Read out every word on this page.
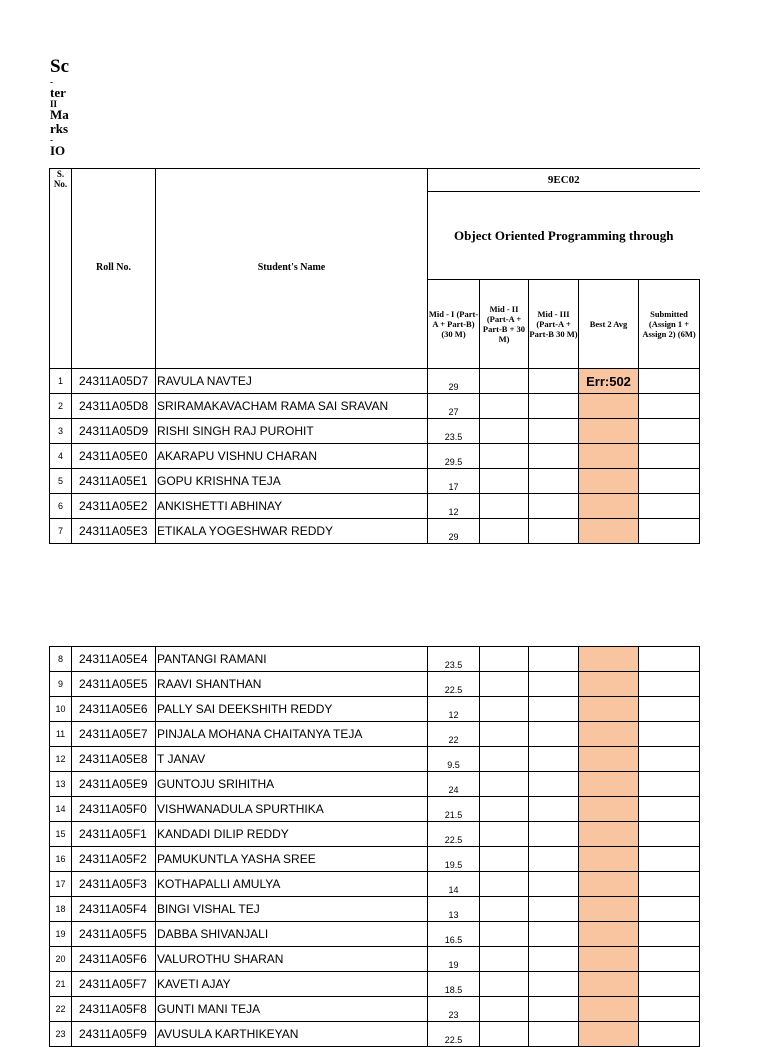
Sc
-
ter
II
Ma
rks
-
IO
S. No.	Roll No.	Student's Name	9EC02				
			Object Oriented Programming through				
			Mid - I (Part-A + Part-B) (30 M)	Mid - II (Part-A + Part-B + 30 M)	Mid - III (Part-A + Part-B 30 M)	Best 2 Avg	Submitted (Assign 1 + Assign 2) (6M)
1	24311A05D7	RAVULA NAVTEJ	29			Err:502	
2	24311A05D8	SRIRAMAKAVACHAM RAMA SAI SRAVAN	27				
3	24311A05D9	RISHI SINGH RAJ PUROHIT	23.5				
4	24311A05E0	AKARAPU VISHNU CHARAN	29.5				
5	24311A05E1	GOPU KRISHNA TEJA	17				
6	24311A05E2	ANKISHETTI ABHINAY	12				
7	24311A05E3	ETIKALA YOGESHWAR REDDY	29				
8	24311A05E4	PANTANGI RAMANI	23.5				
9	24311A05E5	RAAVI SHANTHAN	22.5				
10	24311A05E6	PALLY SAI DEEKSHITH REDDY	12				
11	24311A05E7	PINJALA MOHANA CHAITANYA TEJA	22				
12	24311A05E8	T JANAV	9.5				
13	24311A05E9	GUNTOJU SRIHITHA	24				
14	24311A05F0	VISHWANADULA SPURTHIKA	21.5				
15	24311A05F1	KANDADI DILIP REDDY	22.5				
16	24311A05F2	PAMUKUNTLA YASHA SREE	19.5				
17	24311A05F3	KOTHAPALLI AMULYA	14				
18	24311A05F4	BINGI VISHAL TEJ	13				
19	24311A05F5	DABBA SHIVANJALI	16.5				
20	24311A05F6	VALUROTHU SHARAN	19				
21	24311A05F7	KAVETI AJAY	18.5				
22	24311A05F8	GUNTI MANI TEJA	23				
23	24311A05F9	AVUSULA KARTHIKEYAN	22.5				
